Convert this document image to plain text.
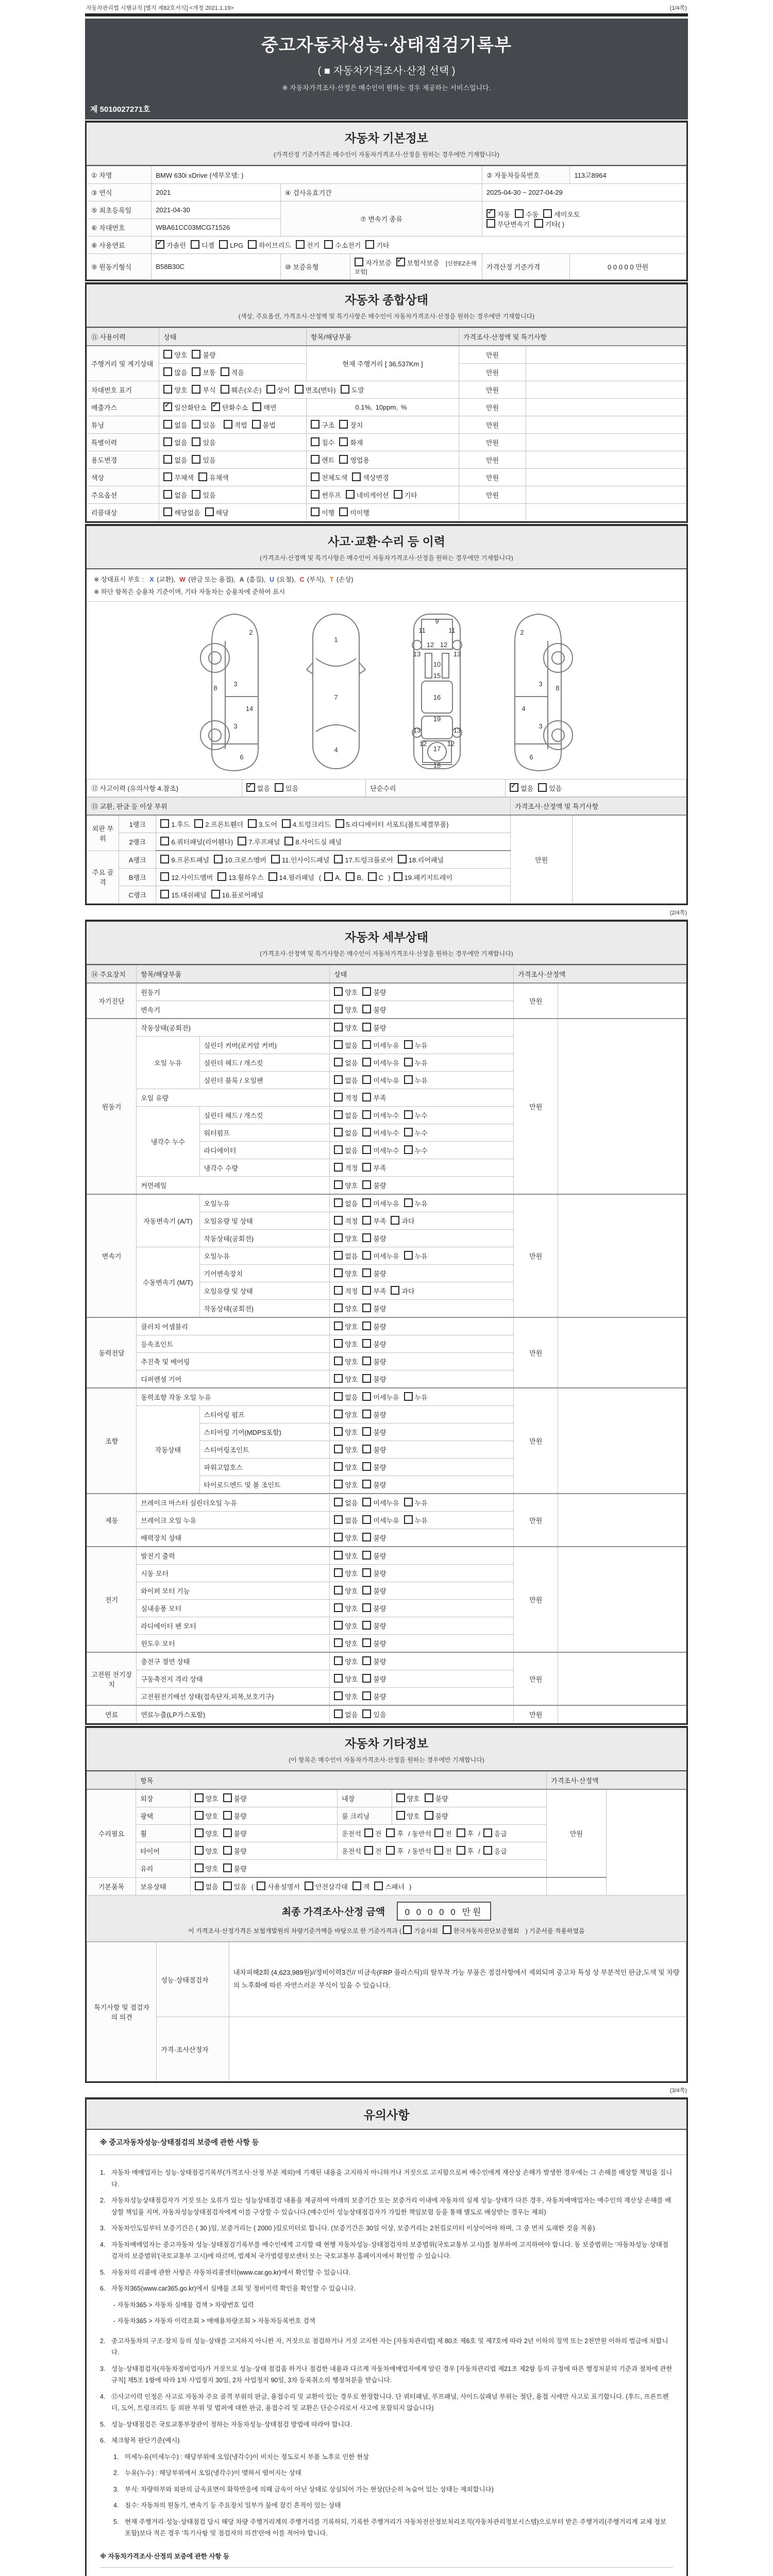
자동차관리법 시행규칙 [별지 제82호서식] <개정 2021.1.19>	(1/4쪽)
중고자동차성능·상태점검기록부
( ■ 자동차가격조사·산정 선택 )
※ 자동차가격조사·산정은 매수인이 원하는 경우 제공하는 서비스입니다.
제 5010027271호
자동차 기본정보
(가격산정 기준가격은 매수인이 자동차가격조사·산정을 원하는 경우에만 기재합니다)
① 차명	BMW 630i xDrive (세부모델: )			② 자동차등록번호	113고8964
③ 연식	2021	④ 검사유효기간		2025-04-30 ~ 2027-04-29	
⑤ 최초등록일	2021-04-30	⑦ 변속기 종류	
✓자동 수동 세미오토
무단변속기 기타( )

⑥ 차대번호	WBA61CC03MCG71526				
⑧ 사용연료	✓가솔린 디젤 LPG 하이브리드 전기 수소전기 기타
⑨ 원동기형식	B58B30C	⑩ 보증유형	자가보증 ✓ 보험사보증 [신한EZ손해보험]	가격산정 기준가격	0 0 0 0 0 만원
자동차 종합상태
(색상, 주요옵션, 가격조사·산정액 및 특기사항은 매수인이 자동차가격조사·산정을 원하는 경우에만 기재합니다)
⑪ 사용이력	상태	항목/해당부품	가격조사·산정액 및 특기사항	
주행거리 및 계기상태	양호 불량	현재 주행거리 [ 36,537Km ]	만원	
	많음 보통 적음		만원	
차대번호 표기	양호 부식 훼손(오손) 상이 변조(변타) 도말		만원	
배출가스	✓일산화탄소 ✓ 탄화수소 매연	0.1%, 10ppm, %	만원	
튜닝	없음 있음 적법 불법	구조 장치	만원	
특별이력	없음 있음	침수 화재	만원	
용도변경	없음 있음	렌트 영업용	만원	
색상	무채색 유채색	전체도색 색상변경	만원	
주요옵션	없음 있음	썬루프 네비게이션 기타	만원	
리콜대상	해당없음 해당	이행 미이행		
사고·교환·수리 등 이력
(가격조사·산정액 및 특기사항은 매수인이 자동차가격조사·산정을 원하는 경우에만 기재합니다)
※ 상태표시 부호 : X (교환), W (판금 또는 용접), A (흠집), U (요철), C (부식), T (손상)
※ 하단 항목은 승용차 기준이며, 기타 자동차는 승용차에 준하여 표시
2
8
3
14
3
6
1
7
4
9
11	11
12 12
13	13
10
15
16
19
13	13
12	12
17
18
2
8
3
4
3
6
⑫ 사고이력 (유의사항 4.참조)	✓없음 있음	단순수리	✓없음 있음
⑬ 교환, 판금 등 이상 부위			가격조사·산정액 및 특기사항	
외판 부위	1랭크	1.후드 2.프론트휀더 3.도어 4.트렁크리드 5.라디에이터 서포트(볼트체결부품)	만원	
	2랭크	6.쿼터패널(리어휀다) 7.루프패널 8.사이드실 패널		
주요 골격	A랭크	9.프론트패널 10.크로스멤버 11.인사이드패널 17.트렁크플로어 18.리어패널		
	B랭크	12.사이드멤버 13.휠하우스 14.필러패널 ( A, B, C ) 19.패키지트레이		
	C랭크	15.대쉬패널 16.플로어패널		
(2/4쪽)
자동차 세부상태
(가격조사·산정액 및 특기사항은 매수인이 자동차가격조사·산정을 원하는 경우에만 기재합니다)
⑭ 주요장치	항목/해당부품		상태	가격조사·산정액	
자기진단	원동기		양호 불량	만원	
	변속기		양호 불량		
원동기	작동상태(공회전)		양호 불량	만원	
	오일 누유	실린더 커버(로커암 커버)	없음 미세누유 누유		
		실린더 헤드 / 개스킷	없음 미세누유 누유		
		실린더 블록 / 오일팬	없음 미세누유 누유		
	오일 유량		적정 부족		
	냉각수 누수	실린더 헤드 / 개스킷	없음 미세누수 누수		
		워터펌프	없음 미세누수 누수		
		라디에이터	없음 미세누수 누수		
		냉각수 수량	적정 부족		
	커먼레일		양호 불량		
변속기	자동변속기 (A/T)	오일누유	없음 미세누유 누유	만원	
		오일유량 및 상태	적정 부족 과다		
		작동상태(공회전)	양호 불량		
	수동변속기 (M/T)	오일누유	없음 미세누유 누유		
		기어변속장치	양호 불량		
		오일유량 및 상태	적정 부족 과다		
		작동상태(공회전)	양호 불량		
동력전달	클러치 어셈블리		양호 불량	만원	
	등속조인트		양호 불량		
	추진축 및 베어링		양호 불량		
	디퍼렌셜 기어		양호 불량		
조향	동력조향 작동 오일 누유		없음 미세누유 누유	만원	
	작동상태	스티어링 펌프	양호 불량		
		스티어링 기어(MDPS포함)	양호 불량		
		스티어링조인트	양호 불량		
		파워고압호스	양호 불량		
		타이로드엔드 및 볼 조인트	양호 불량		
제동	브레이크 마스터 실린더오일 누유		없음 미세누유 누유	만원	
	브레이크 오일 누유		없음 미세누유 누유		
	배력장치 상태		양호 불량		
전기	발전기 출력		양호 불량	만원	
	시동 모터		양호 불량		
	와이퍼 모터 기능		양호 불량		
	실내송풍 모터		양호 불량		
	라디에이터 팬 모터		양호 불량		
	윈도우 모터		양호 불량		
고전원 전기장치	충전구 절연 상태		양호 불량	만원	
	구동축전지 격리 상태		양호 불량		
	고전원전기배선 상태(접속단자,피복,보호기구)		양호 불량		
연료	연료누출(LP가스포함)		없음 있음	만원	
자동차 기타정보
(이 항목은 매수인이 자동차가격조사·산정을 원하는 경우에만 기재합니다)
	항목				가격조사·산정액	
수리필요	외장	양호 불량	내장	양호 불량	만원	
	광택	양호 불량	룸 크리닝	양호 불량		
	휠	양호 불량	운전석 전 후 / 동반석 전 후 / 응급			
	타이어	양호 불량	운전석 전 후 / 동반석 전 후 / 응급			
	유리	양호 불량				
기본품목	보유상태	없음 있음 ( 사용설명서 안전삼각대 잭 스패너 )				
최종 가격조사·산정 금액 0 0 0 0 0 만원
이 가격조사·산정가격은 보험개발원의 차량기준가액을 바탕으로 한 기준가격과 ( 기술사회	한국자동차진단보증협회 ) 기준서를 적용하였음
특기사항 및 점검자의 의견	성능·상태점검자	내차피해2회 (4,623,989원)//정비이력3건// 비금속(FRP 플라스틱)의 탈부착 가능 부품은 점검사항에서 제외되며 중고차 특성 상 부분적인 판금,도색 및 차량의 노후화에 따른 자연스러운 부식이 있을 수 있습니다.
	가격·조사산정자	
(3/4쪽)
유의사항
※ 중고자동차성능·상태점검의 보증에 관한 사항 등
1. 자동차 매매업자는 성능·상태점검기록부(가격조사·산정 부분 제외)에 기재된 내용을 고지하지 아니하거나 거짓으로 고지함으로써 매수인에게 재산상 손해가 발생한 경우에는 그 손해를 배상할 책임을 집니다.
2. 자동차성능상태점검자가 거짓 또는 오류가 있는 성능상태점검 내용을 제공하여 아래의 보증기간 또는 보증거리 이내에 자동차의 실제 성능·상태가 다른 경우, 자동차매매업자는 매수인의 재산상 손해를 배상할 책임을 지며, 자동차성능상태점검자에게 이를 구상할 수 있습니다.(매수인이 성능상태점검자가 가입한 책임보험 등을 통해 별도로 배상받는 경우는 제외)
3. 자동차인도일부터 보증기간은 ( 30 )일, 보증거리는 ( 2000 )킬로미터로 합니다. (보증기간은 30일 이상, 보증거리는 2천킬로미터 이상이어야 하며, 그 중 먼저 도래한 것을 적용)
4. 자동차매매업자는 중고자동차 성능·상태점검기록부를 매수인에게 고지할 때 현행 자동차성능·상태점검자의 보증범위(국토교통부 고시)를 첨부하여 고지하여야 합니다. 동 보증범위는 '자동차성능·상태점검자의 보증범위'(국토교통부 고시)에 따르며, 법제처 국가법령정보센터 또는 국토교통부 홈페이지에서 확인할 수 있습니다.
5. 자동차의 리콜에 관한 사항은 자동차리콜센터(www.car.go.kr)에서 확인할 수 있습니다.
6. 자동차365(www.car365.go.kr)에서 실매물 조회 및 정비이력 확인을 확인할 수 있습니다.
- 자동차365 > 자동차 실매물 검색 > 차량번호 입력
- 자동차365 > 자동차 이력조회 > 매매용차량조회 > 자동차등록번호 검색
2. 중고자동차의 구조·장치 등의 성능·상태를 고지하지 아니한 자, 거짓으로 점검하거나 거짓 고지한 자는 [자동차관리법] 제 80조 제6호 및 제7호에 따라 2년 이하의 징역 또는 2천만원 이하의 벌금에 처합니다.
3. 성능·상태점검자(자동차정비업자)가 거짓으로 성능·상태 점검을 하거나 점검한 내용과 다르게 자동차매매업자에게 알린 경우 [자동차관리법 제21조 제2항 등의 규정에 따른 행정처분의 기준과 절차에 관한 규칙] 제5조 1항에 따라 1차 사업정지 30일, 2차 사업정지 90일, 3차 등록취소의 행정처분을 받습니다.
4. ⑫사고이력 인정은 사고로 자동차 주요 골격 부위의 판금, 용접수리 및 교환이 있는 경우로 한정합니다. 단 쿼터패널, 루프패널, 사이드실패널 부위는 절단, 용접 시에만 사고로 표기합니다. (후드, 프론트펜더, 도어, 트렁크리드 등 외판 부위 및 범퍼에 대한 판금, 용접수리 및 교환은 단순수리로서 사고에 포함되지 않습니다)
5. 성능·상태점검은 국토교통부장관이 정하는 자동차성능·상태점검 방법에 따라야 합니다.
6. 체크항목 판단기준(예시)
1. 미세누유(미세누수) : 해당부위에 오일(냉각수)이 비치는 정도로서 부품 노후로 인한 현상
2. 누유(누수) : 해당부위에서 오일(냉각수)이 맺혀서 떨어지는 상태
3. 부식: 차량하부와 외판의 금속표면이 화학반응에 의해 금속이 아닌 상태로 상실되어 가는 현상(단순히 녹슬어 있는 상태는 제외합니다)
4. 침수: 자동차의 원동기, 변속기 등 주요장치 일부가 물에 잠긴 흔적이 있는 상태
5. 현재 주행거리·성능·상태점검 당시 해당 차량 주행거리계의 주행거리를 기록하되, 기록한 주행거리가 자동차전산정보처리조직(자동차관리정보시스템)으로부터 받은 주행거리(주행거리계 교체 정보 포함)보다 적은 경우 '특기사항 및 점검자의 의견'란에 이를 적어야 합니다.
※ 자동차가격조사·산정의 보증에 관한 사항 등
